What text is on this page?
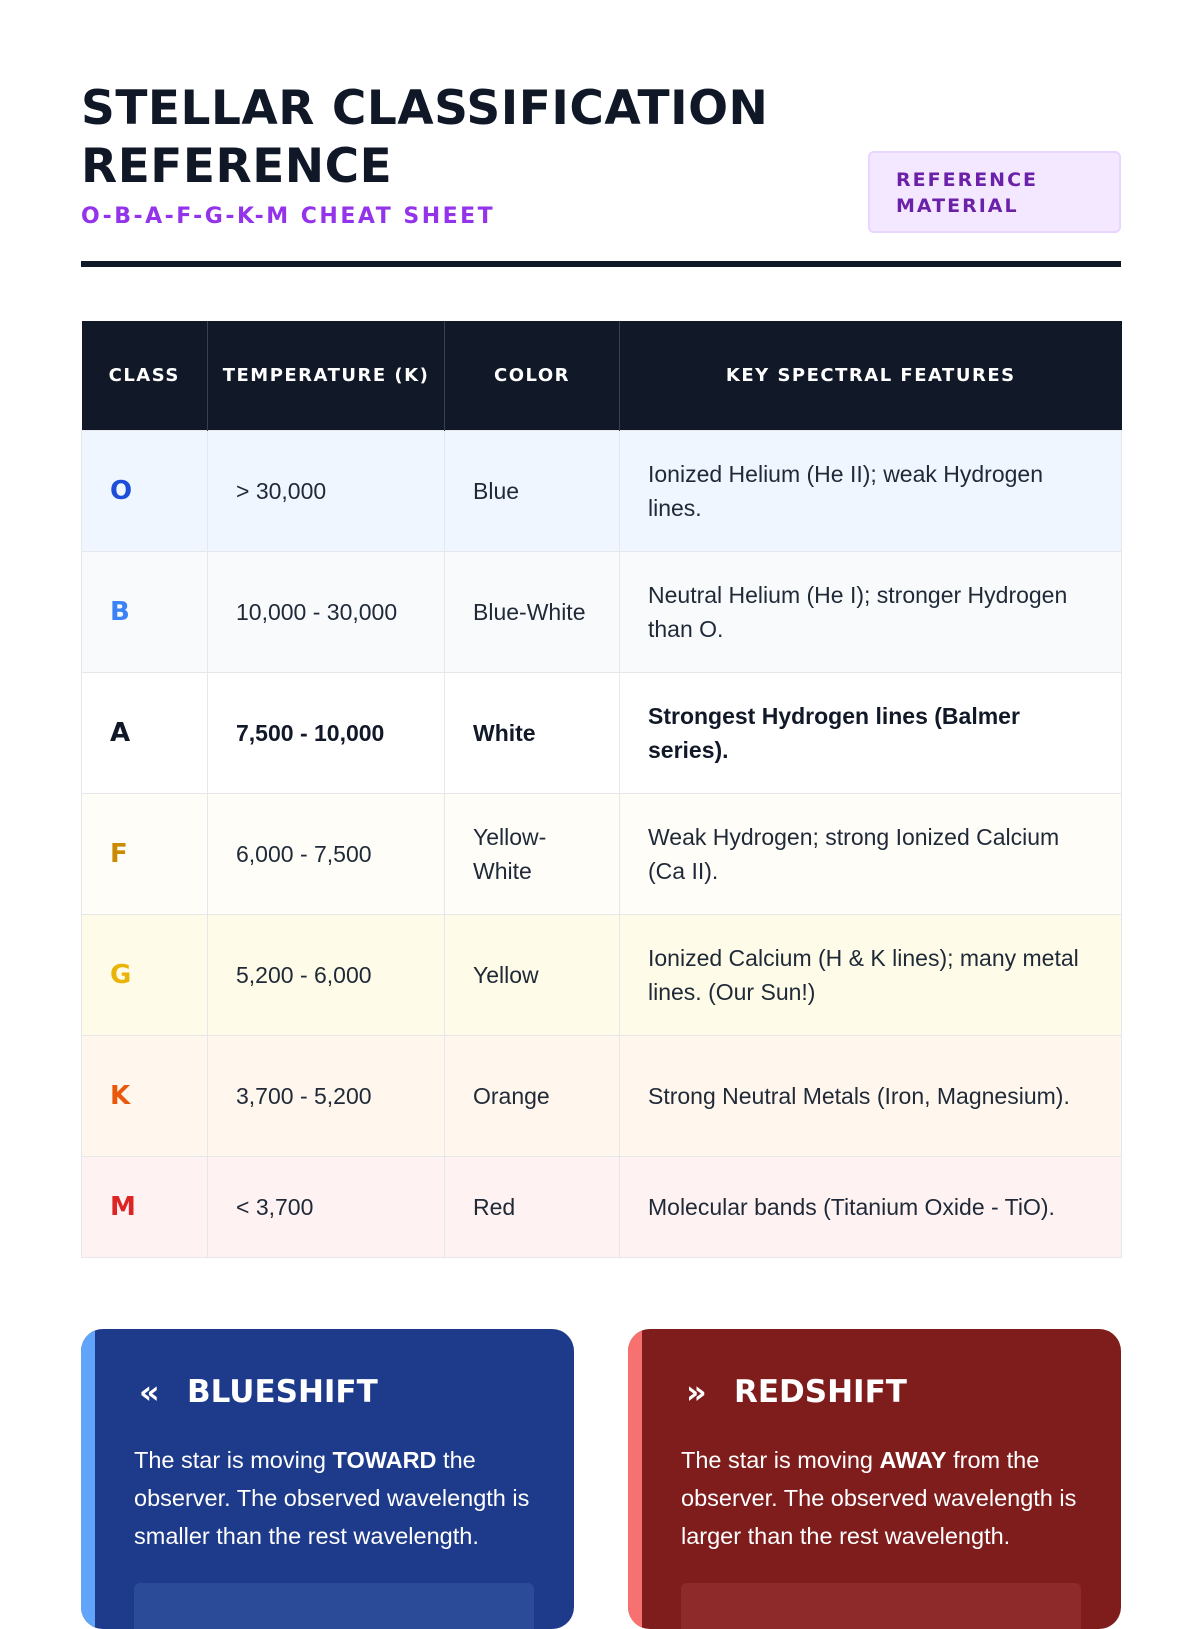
STELLAR CLASSIFICATION REFERENCE
O-B-A-F-G-K-M CHEAT SHEET
REFERENCE MATERIAL
CLASS	TEMPERATURE (K)	COLOR	KEY SPECTRAL FEATURES
O	> 30,000	Blue	Ionized Helium (He II); weak Hydrogen lines.
B	10,000 - 30,000	Blue-White	Neutral Helium (He I); stronger Hydrogen than O.
A	7,500 - 10,000	White	Strongest Hydrogen lines (Balmer series).
F	6,000 - 7,500	Yellow-White	Weak Hydrogen; strong Ionized Calcium (Ca II).
G	5,200 - 6,000	Yellow	Ionized Calcium (H & K lines); many metal lines. (Our Sun!)
K	3,700 - 5,200	Orange	Strong Neutral Metals (Iron, Magnesium).
M	< 3,700	Red	Molecular bands (Titanium Oxide - TiO).
« BLUESHIFT
The star is moving TOWARD the observer. The observed wavelength is smaller than the rest wavelength.
» REDSHIFT
The star is moving AWAY from the observer. The observed wavelength is larger than the rest wavelength.
